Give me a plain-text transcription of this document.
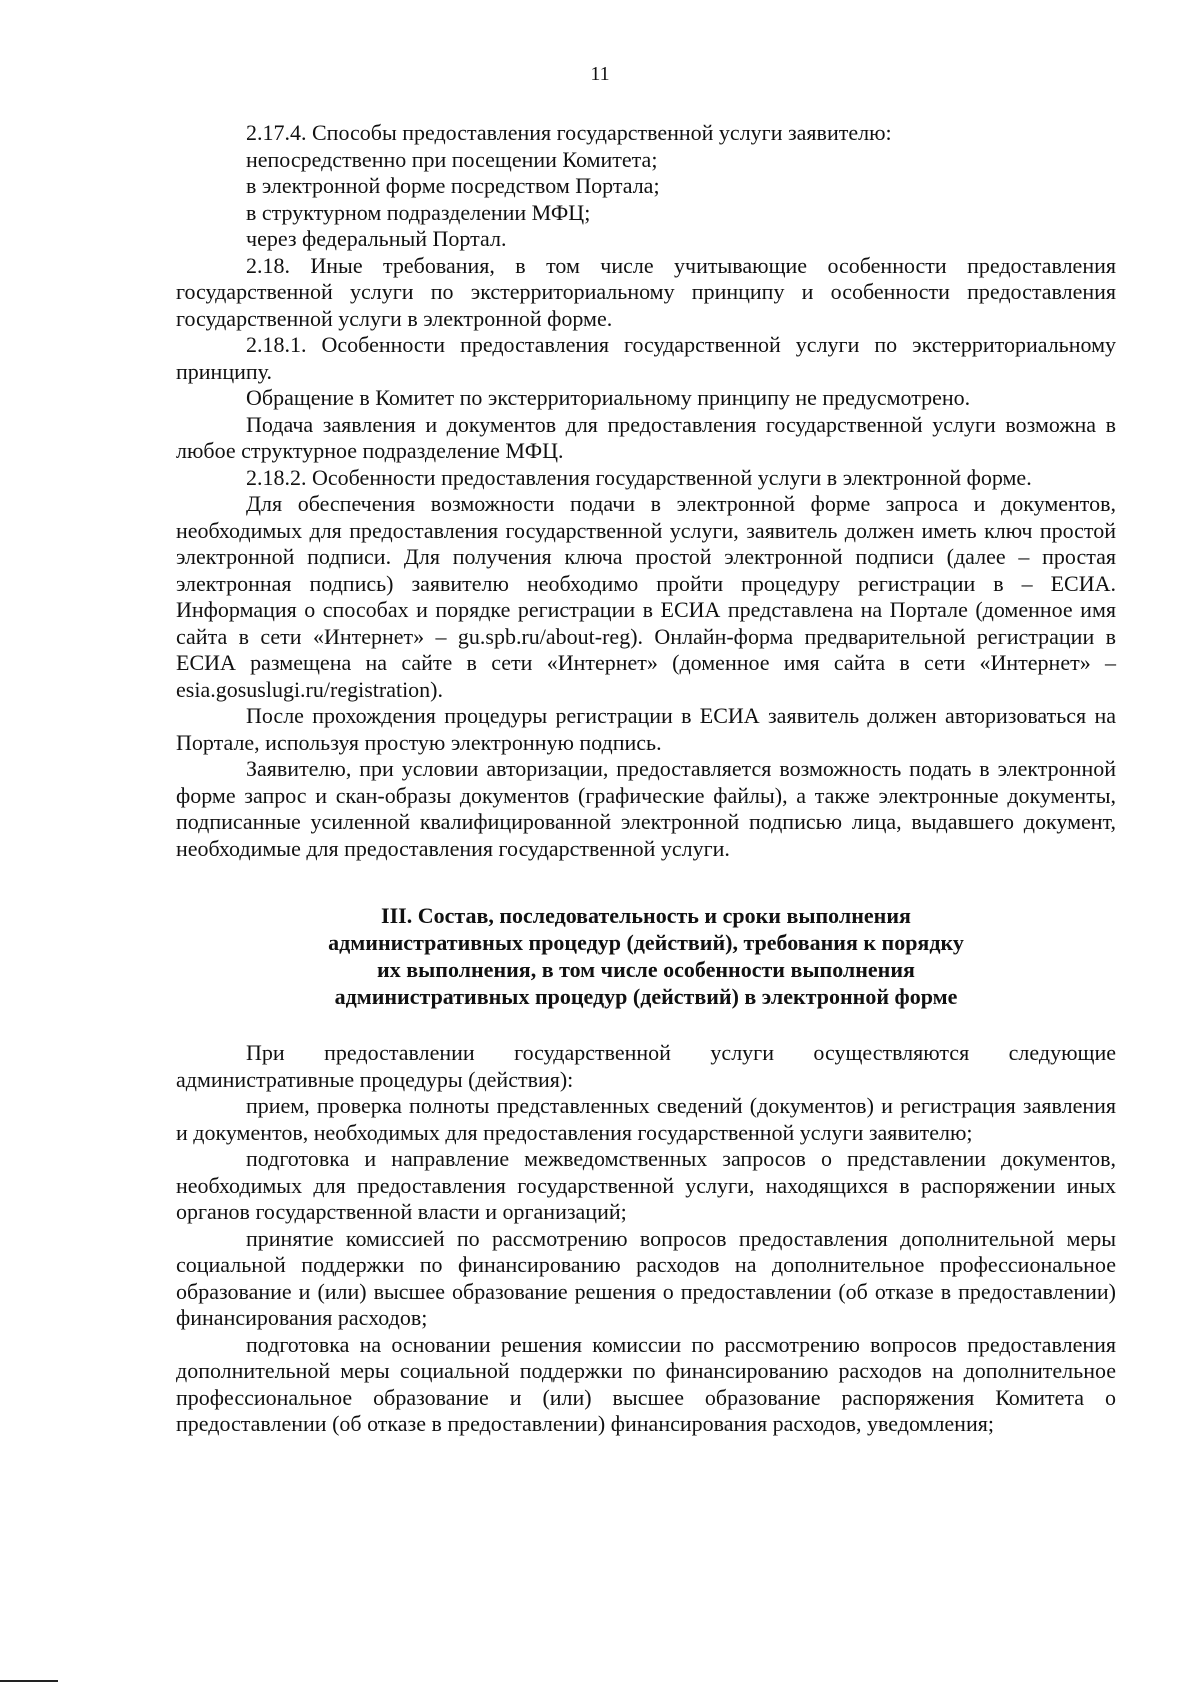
11

2.17.4. Способы предоставления государственной услуги заявителю:

непосредственно при посещении Комитета;

в электронной форме посредством Портала;

в структурном подразделении МФЦ;

через федеральный Портал.

2.18. Иные требования, в том числе учитывающие особенности предоставления государственной услуги по экстерриториальному принципу и особенности предоставления государственной услуги в электронной форме.

2.18.1. Особенности предоставления государственной услуги по экстерриториальному принципу.

Обращение в Комитет по экстерриториальному принципу не предусмотрено.

Подача заявления и документов для предоставления государственной услуги возможна в любое структурное подразделение МФЦ.

2.18.2. Особенности предоставления государственной услуги в электронной форме.

Для обеспечения возможности подачи в электронной форме запроса и документов, необходимых для предоставления государственной услуги, заявитель должен иметь ключ простой электронной подписи. Для получения ключа простой электронной подписи (далее – простая электронная подпись) заявителю необходимо пройти процедуру регистрации в – ЕСИА. Информация о способах и порядке регистрации в ЕСИА представлена на Портале (доменное имя сайта в сети «Интернет» – gu.spb.ru/about-reg). Онлайн-форма предварительной регистрации в ЕСИА размещена на сайте в сети «Интернет» (доменное имя сайта в сети «Интернет» – esia.gosuslugi.ru/registration).

После прохождения процедуры регистрации в ЕСИА заявитель должен авторизоваться на Портале, используя простую электронную подпись.

Заявителю, при условии авторизации, предоставляется возможность подать в электронной форме запрос и скан-образы документов (графические файлы), а также электронные документы, подписанные усиленной квалифицированной электронной подписью лица, выдавшего документ, необходимые для предоставления государственной услуги.

III. Состав, последовательность и сроки выполнения
административных процедур (действий), требования к порядку
их выполнения, в том числе особенности выполнения
административных процедур (действий) в электронной форме

При предоставлении государственной услуги осуществляются следующие административные процедуры (действия):

прием, проверка полноты представленных сведений (документов) и регистрация заявления и документов, необходимых для предоставления государственной услуги заявителю;

подготовка и направление межведомственных запросов о представлении документов, необходимых для предоставления государственной услуги, находящихся в распоряжении иных органов государственной власти и организаций;

принятие комиссией по рассмотрению вопросов предоставления дополнительной меры социальной поддержки по финансированию расходов на дополнительное профессиональное образование и (или) высшее образование решения о предоставлении (об отказе в предоставлении) финансирования расходов;

подготовка на основании решения комиссии по рассмотрению вопросов предоставления дополнительной меры социальной поддержки по финансированию расходов на дополнительное профессиональное образование и (или) высшее образование распоряжения Комитета о предоставлении (об отказе в предоставлении) финансирования расходов, уведомления;
